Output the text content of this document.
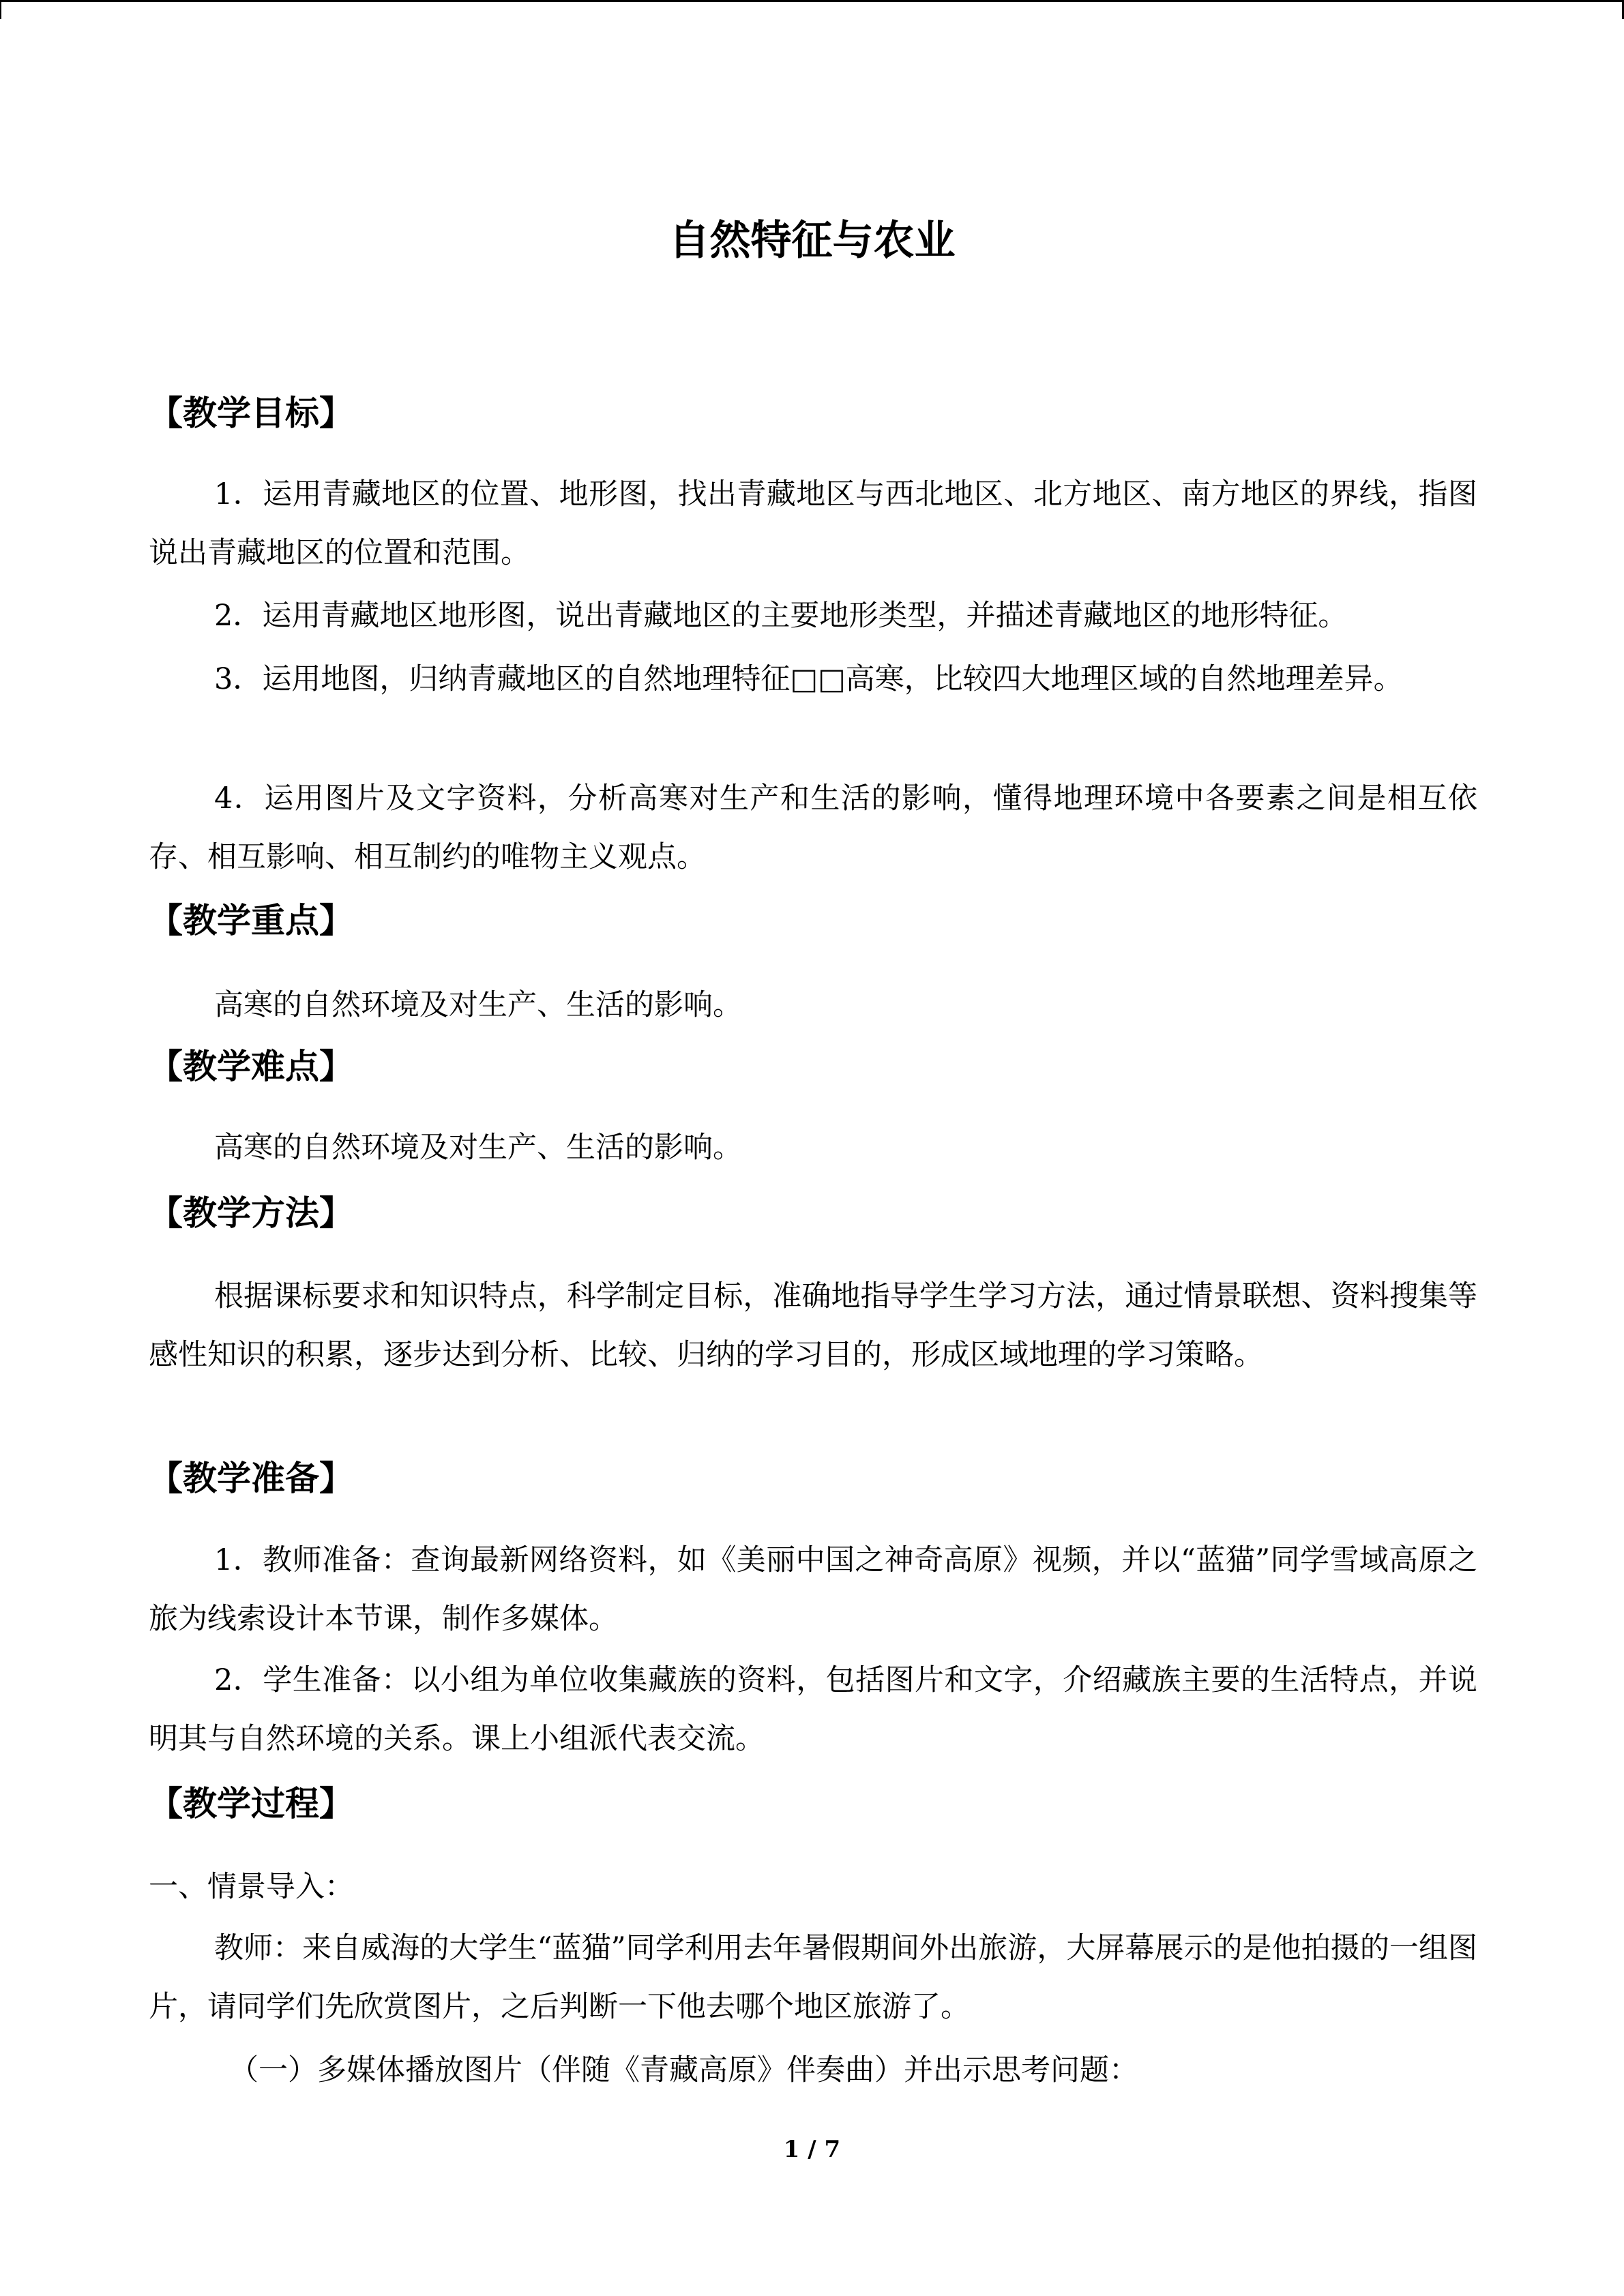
自然特征与农业
【教学目标】
1．运用青藏地区的位置、地形图，找出青藏地区与西北地区、北方地区、南方地区的界线，指图说出青藏地区的位置和范围。
2．运用青藏地区地形图，说出青藏地区的主要地形类型，并描述青藏地区的地形特征。
3．运用地图，归纳青藏地区的自然地理特征□□高寒，比较四大地理区域的自然地理差异。
4．运用图片及文字资料，分析高寒对生产和生活的影响，懂得地理环境中各要素之间是相互依存、相互影响、相互制约的唯物主义观点。
【教学重点】
高寒的自然环境及对生产、生活的影响。
【教学难点】
高寒的自然环境及对生产、生活的影响。
【教学方法】
根据课标要求和知识特点，科学制定目标，准确地指导学生学习方法，通过情景联想、资料搜集等感性知识的积累，逐步达到分析、比较、归纳的学习目的，形成区域地理的学习策略。
【教学准备】
1．教师准备：查询最新网络资料，如《美丽中国之神奇高原》视频，并以“蓝猫”同学雪域高原之旅为线索设计本节课，制作多媒体。
2．学生准备：以小组为单位收集藏族的资料，包括图片和文字，介绍藏族主要的生活特点，并说明其与自然环境的关系。课上小组派代表交流。
【教学过程】
一、情景导入：
教师：来自威海的大学生“蓝猫”同学利用去年暑假期间外出旅游，大屏幕展示的是他拍摄的一组图片，请同学们先欣赏图片，之后判断一下他去哪个地区旅游了。
（一）多媒体播放图片（伴随《青藏高原》伴奏曲）并出示思考问题：
1 / 7
